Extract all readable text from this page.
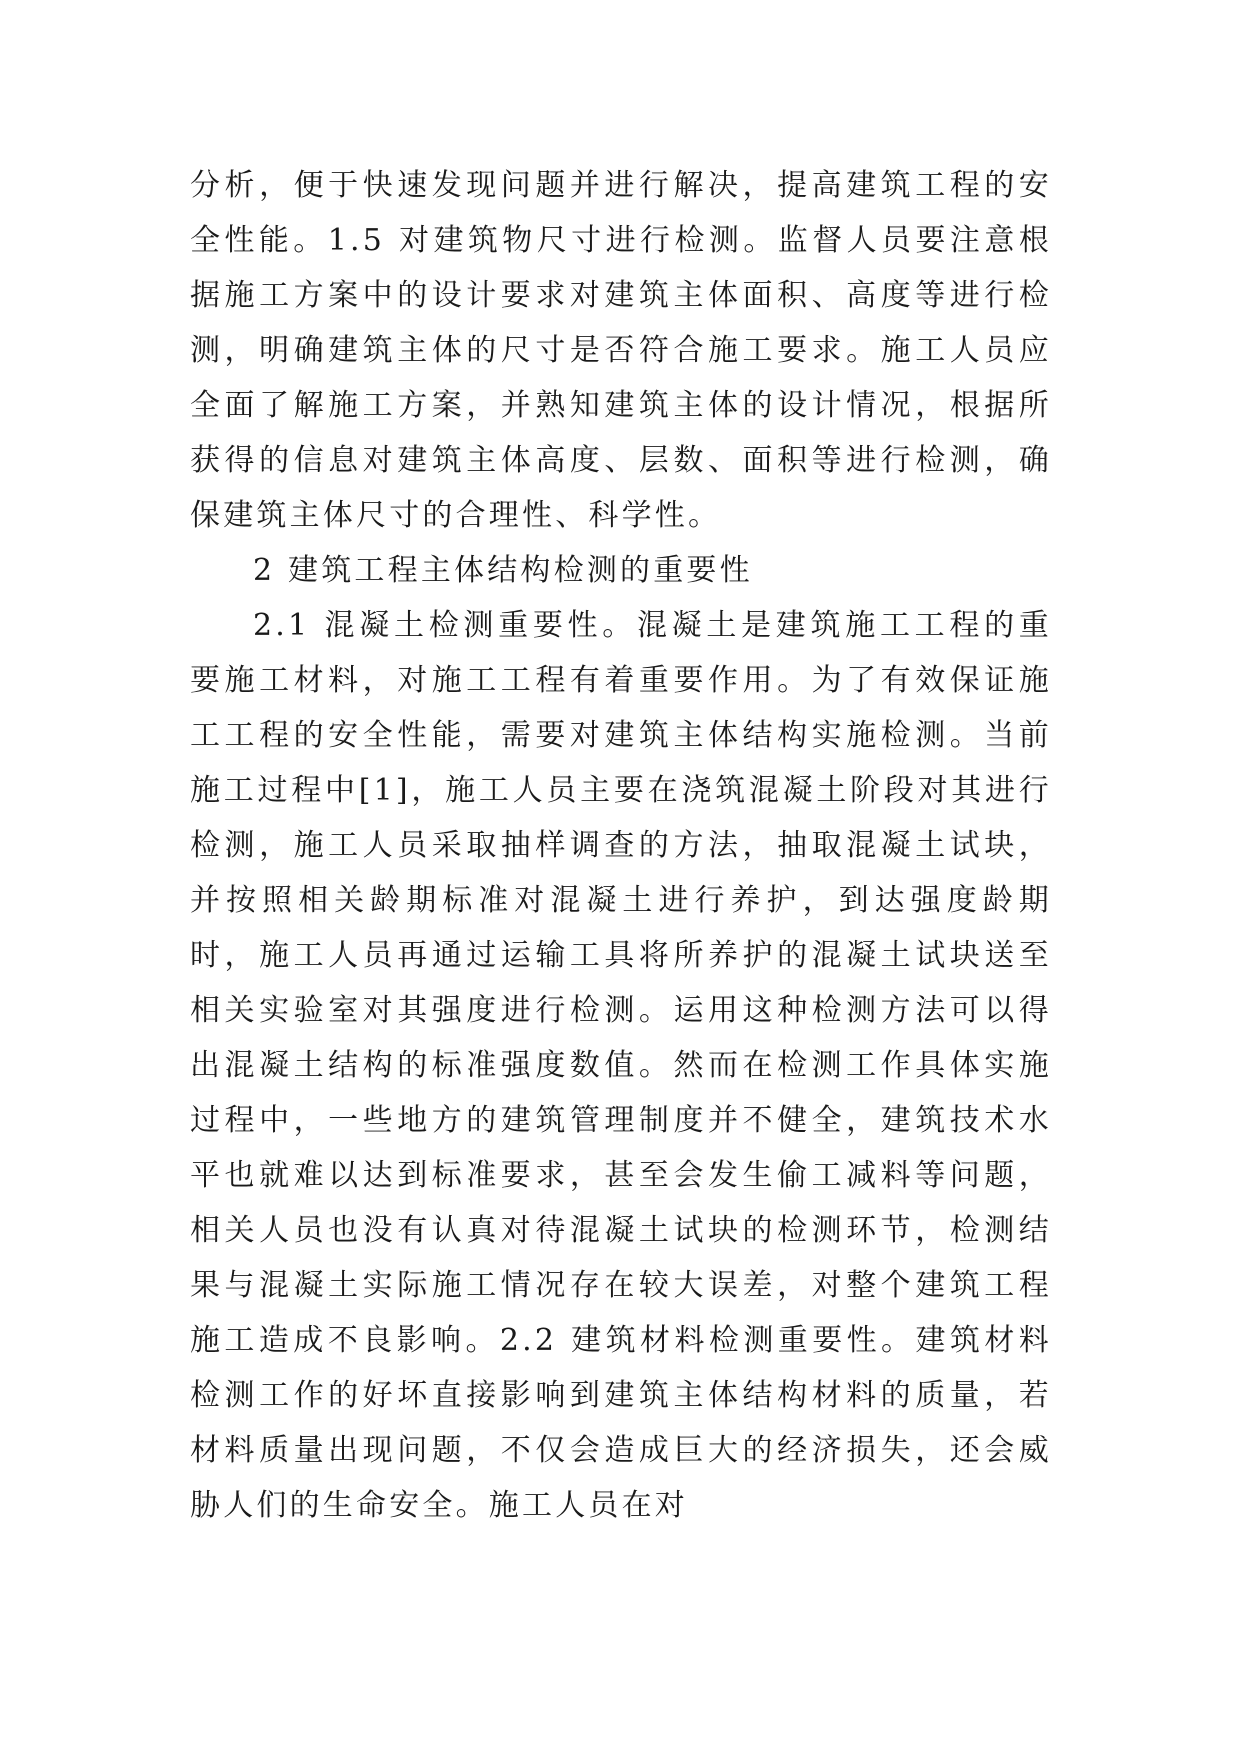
分析，便于快速发现问题并进行解决，提高建筑工程的安全性能。1.5 对建筑物尺寸进行检测。监督人员要注意根据施工方案中的设计要求对建筑主体面积、高度等进行检测，明确建筑主体的尺寸是否符合施工要求。施工人员应全面了解施工方案，并熟知建筑主体的设计情况，根据所获得的信息对建筑主体高度、层数、面积等进行检测，确保建筑主体尺寸的合理性、科学性。

2 建筑工程主体结构检测的重要性

2.1 混凝土检测重要性。混凝土是建筑施工工程的重要施工材料，对施工工程有着重要作用。为了有效保证施工工程的安全性能，需要对建筑主体结构实施检测。当前施工过程中[1]，施工人员主要在浇筑混凝土阶段对其进行检测，施工人员采取抽样调查的方法，抽取混凝土试块，并按照相关龄期标准对混凝土进行养护，到达强度龄期时，施工人员再通过运输工具将所养护的混凝土试块送至相关实验室对其强度进行检测。运用这种检测方法可以得出混凝土结构的标准强度数值。然而在检测工作具体实施过程中，一些地方的建筑管理制度并不健全，建筑技术水平也就难以达到标准要求，甚至会发生偷工减料等问题，相关人员也没有认真对待混凝土试块的检测环节，检测结果与混凝土实际施工情况存在较大误差，对整个建筑工程施工造成不良影响。2.2 建筑材料检测重要性。建筑材料检测工作的好坏直接影响到建筑主体结构材料的质量，若材料质量出现问题，不仅会造成巨大的经济损失，还会威胁人们的生命安全。施工人员在对
